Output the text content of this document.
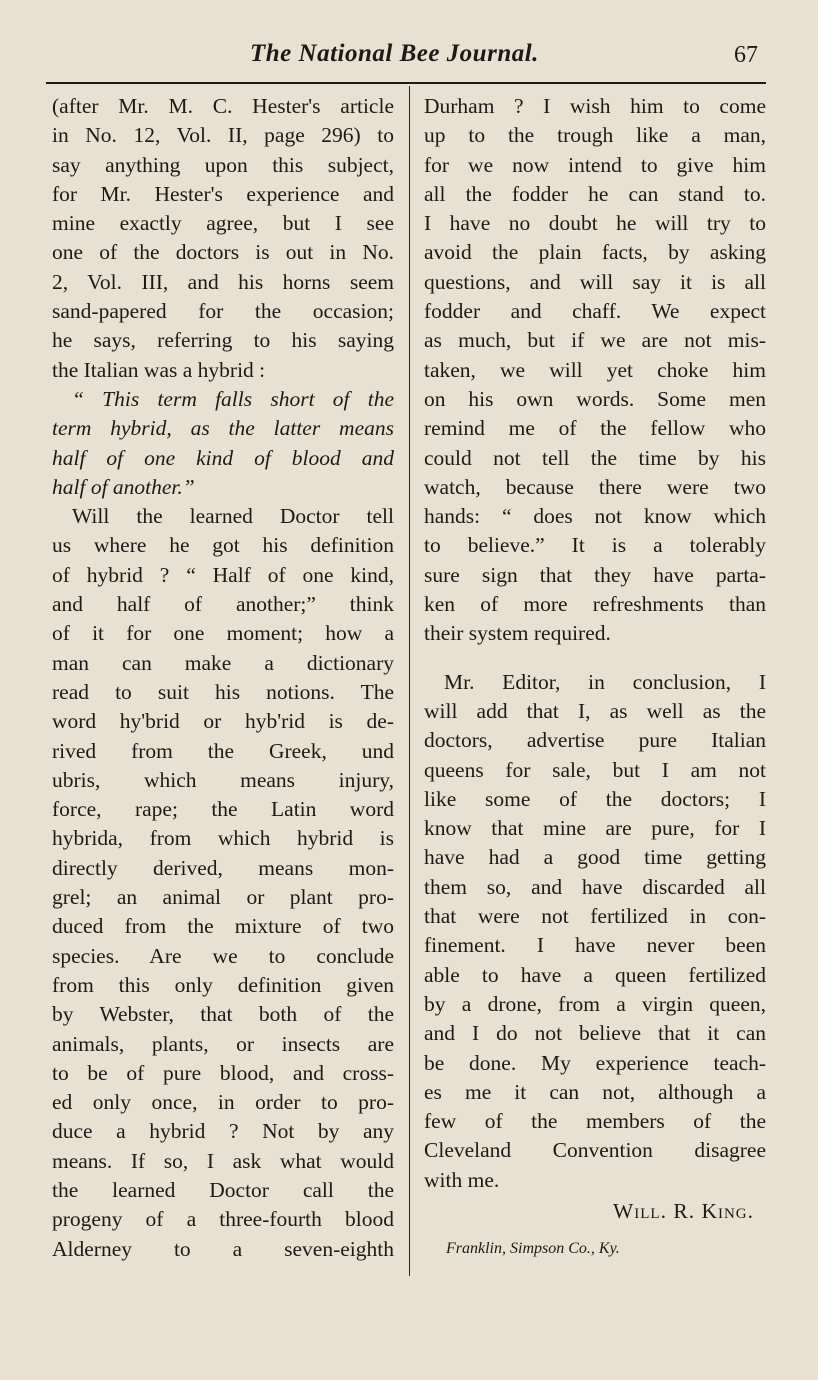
The National Bee Journal.	67
(after Mr. M. C. Hester's article
in No. 12, Vol. II, page 296) to
say anything upon this subject,
for Mr. Hester's experience and
mine exactly agree, but I see
one of the doctors is out in No.
2, Vol. III, and his horns seem
sand-papered for the occasion;
he says, referring to his saying
the Italian was a hybrid :
“ This term falls short of the
term hybrid, as the latter means
half of one kind of blood and
half of another.”
Will the learned Doctor tell
us where he got his definition
of hybrid ? “ Half of one kind,
and half of another;” think
of it for one moment; how a
man can make a dictionary
read to suit his notions. The
word hy'brid or hyb'rid is de-
rived from the Greek, und
ubris, which means injury,
force, rape; the Latin word
hybrida, from which hybrid is
directly derived, means mon-
grel; an animal or plant pro-
duced from the mixture of two
species. Are we to conclude
from this only definition given
by Webster, that both of the
animals, plants, or insects are
to be of pure blood, and cross-
ed only once, in order to pro-
duce a hybrid ? Not by any
means. If so, I ask what would
the learned Doctor call the
progeny of a three-fourth blood
Alderney to a seven-eighth
Durham ? I wish him to come
up to the trough like a man,
for we now intend to give him
all the fodder he can stand to.
I have no doubt he will try to
avoid the plain facts, by asking
questions, and will say it is all
fodder and chaff. We expect
as much, but if we are not mis-
taken, we will yet choke him
on his own words. Some men
remind me of the fellow who
could not tell the time by his
watch, because there were two
hands: “ does not know which
to believe.” It is a tolerably
sure sign that they have parta-
ken of more refreshments than
their system required.
Mr. Editor, in conclusion, I
will add that I, as well as the
doctors, advertise pure Italian
queens for sale, but I am not
like some of the doctors; I
know that mine are pure, for I
have had a good time getting
them so, and have discarded all
that were not fertilized in con-
finement. I have never been
able to have a queen fertilized
by a drone, from a virgin queen,
and I do not believe that it can
be done. My experience teach-
es me it can not, although a
few of the members of the
Cleveland Convention disagree
with me.
Will. R. King.
Franklin, Simpson Co., Ky.
